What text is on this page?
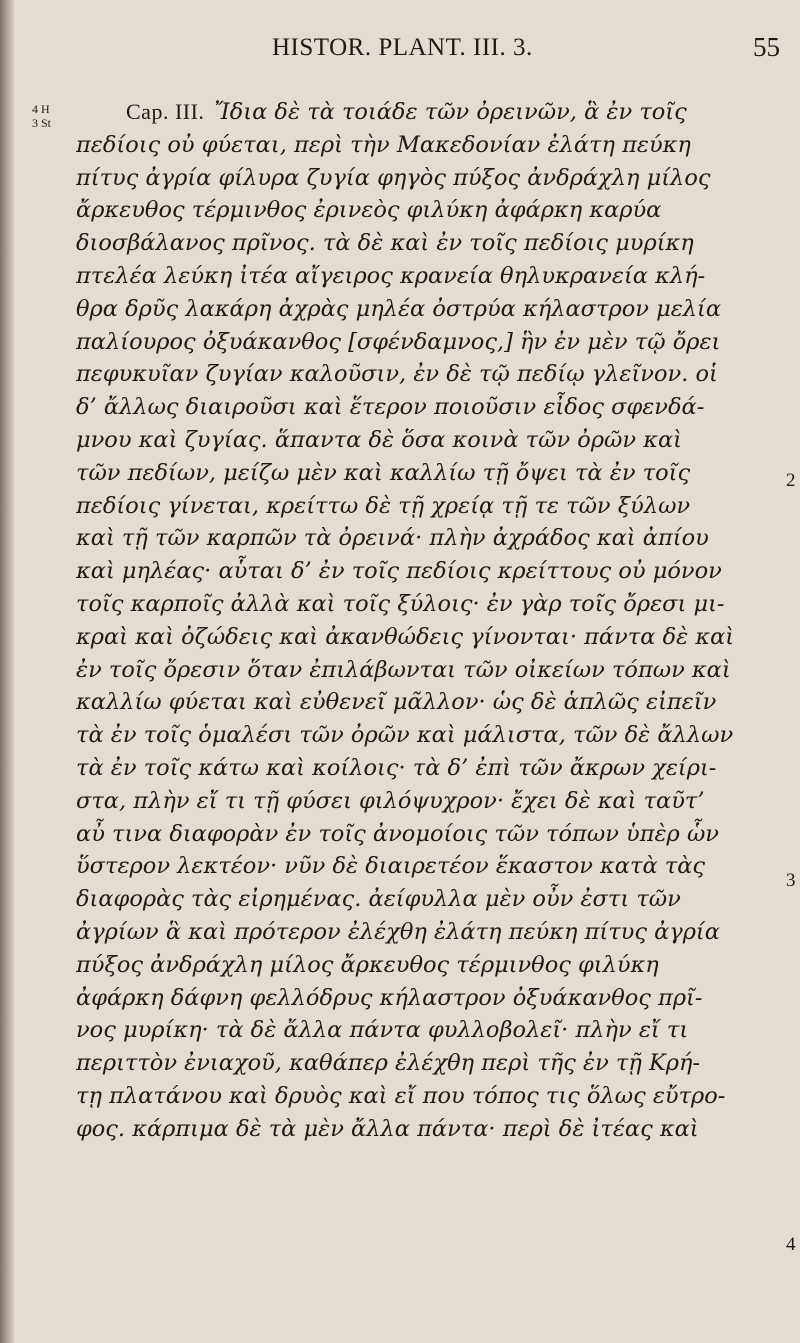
HISTOR. PLANT. III. 3.	55
4 H
3 St	Cap. III. Ἴδια δὲ τὰ τοιάδε τῶν ὀρεινῶν, ἃ ἐν τοῖς
πεδίοις οὐ φύεται, περὶ τὴν Μακεδονίαν ἐλάτη πεύκη
πίτυς ἀγρία φίλυρα ζυγία φηγὸς πύξος ἀνδράχλη μίλος
ἄρκευθος τέρμινθος ἐρινεὸς φιλύκη ἀφάρκη καρύα
διοσβάλανος πρῖνος. τὰ δὲ καὶ ἐν τοῖς πεδίοις μυρίκη
πτελέα λεύκη ἰτέα αἴγειρος κρανεία θηλυκρανεία κλή-
θρα δρῦς λακάρη ἀχρὰς μηλέα ὀστρύα κήλαστρον μελία
παλίουρος ὀξυάκανθος [σφένδαμνος,] ἣν ἐν μὲν τῷ ὄρει
πεφυκυῖαν ζυγίαν καλοῦσιν, ἐν δὲ τῷ πεδίῳ γλεῖνον. οἱ
δ’ ἄλλως διαιροῦσι καὶ ἕτερον ποιοῦσιν εἶδος σφενδά-
μνου καὶ ζυγίας. ἅπαντα δὲ ὅσα κοινὰ τῶν ὀρῶν καὶ
τῶν πεδίων, μείζω μὲν καὶ καλλίω τῇ ὄψει τὰ ἐν τοῖς
πεδίοις γίνεται, κρείττω δὲ τῇ χρείᾳ τῇ τε τῶν ξύλων
καὶ τῇ τῶν καρπῶν τὰ ὀρεινά· πλὴν ἀχράδος καὶ ἀπίου
καὶ μηλέας· αὗται δ’ ἐν τοῖς πεδίοις κρείττους οὐ μόνον
τοῖς καρποῖς ἀλλὰ καὶ τοῖς ξύλοις· ἐν γὰρ τοῖς ὄρεσι μι-
κραὶ καὶ ὀζώδεις καὶ ἀκανθώδεις γίνονται· πάντα δὲ καὶ
ἐν τοῖς ὄρεσιν ὅταν ἐπιλάβωνται τῶν οἰκείων τόπων καὶ
καλλίω φύεται καὶ εὐθενεῖ μᾶλλον· ὡς δὲ ἁπλῶς εἰπεῖν
τὰ ἐν τοῖς ὁμαλέσι τῶν ὀρῶν καὶ μάλιστα, τῶν δὲ ἄλλων
τὰ ἐν τοῖς κάτω καὶ κοίλοις· τὰ δ’ ἐπὶ τῶν ἄκρων χείρι-
στα, πλὴν εἴ τι τῇ φύσει φιλόψυχρον· ἔχει δὲ καὶ ταῦτ’
αὖ τινα διαφορὰν ἐν τοῖς ἀνομοίοις τῶν τόπων ὑπὲρ ὧν
ὕστερον λεκτέον· νῦν δὲ διαιρετέον ἕκαστον κατὰ τὰς
διαφορὰς τὰς εἰρημένας. ἀείφυλλα μὲν οὖν ἐστι τῶν
ἀγρίων ἃ καὶ πρότερον ἐλέχθη ἐλάτη πεύκη πίτυς ἀγρία
πύξος ἀνδράχλη μίλος ἄρκευθος τέρμινθος φιλύκη
ἀφάρκη δάφνη φελλόδρυς κήλαστρον ὀξυάκανθος πρῖ-
νος μυρίκη· τὰ δὲ ἄλλα πάντα φυλλοβολεῖ· πλὴν εἴ τι
περιττὸν ἐνιαχοῦ, καθάπερ ἐλέχθη περὶ τῆς ἐν τῇ Κρή-
τῃ πλατάνου καὶ δρυὸς καὶ εἴ που τόπος τις ὅλως εὔτρο-
φος. κάρπιμα δὲ τὰ μὲν ἄλλα πάντα· περὶ δὲ ἰτέας καὶ
2
3
4
